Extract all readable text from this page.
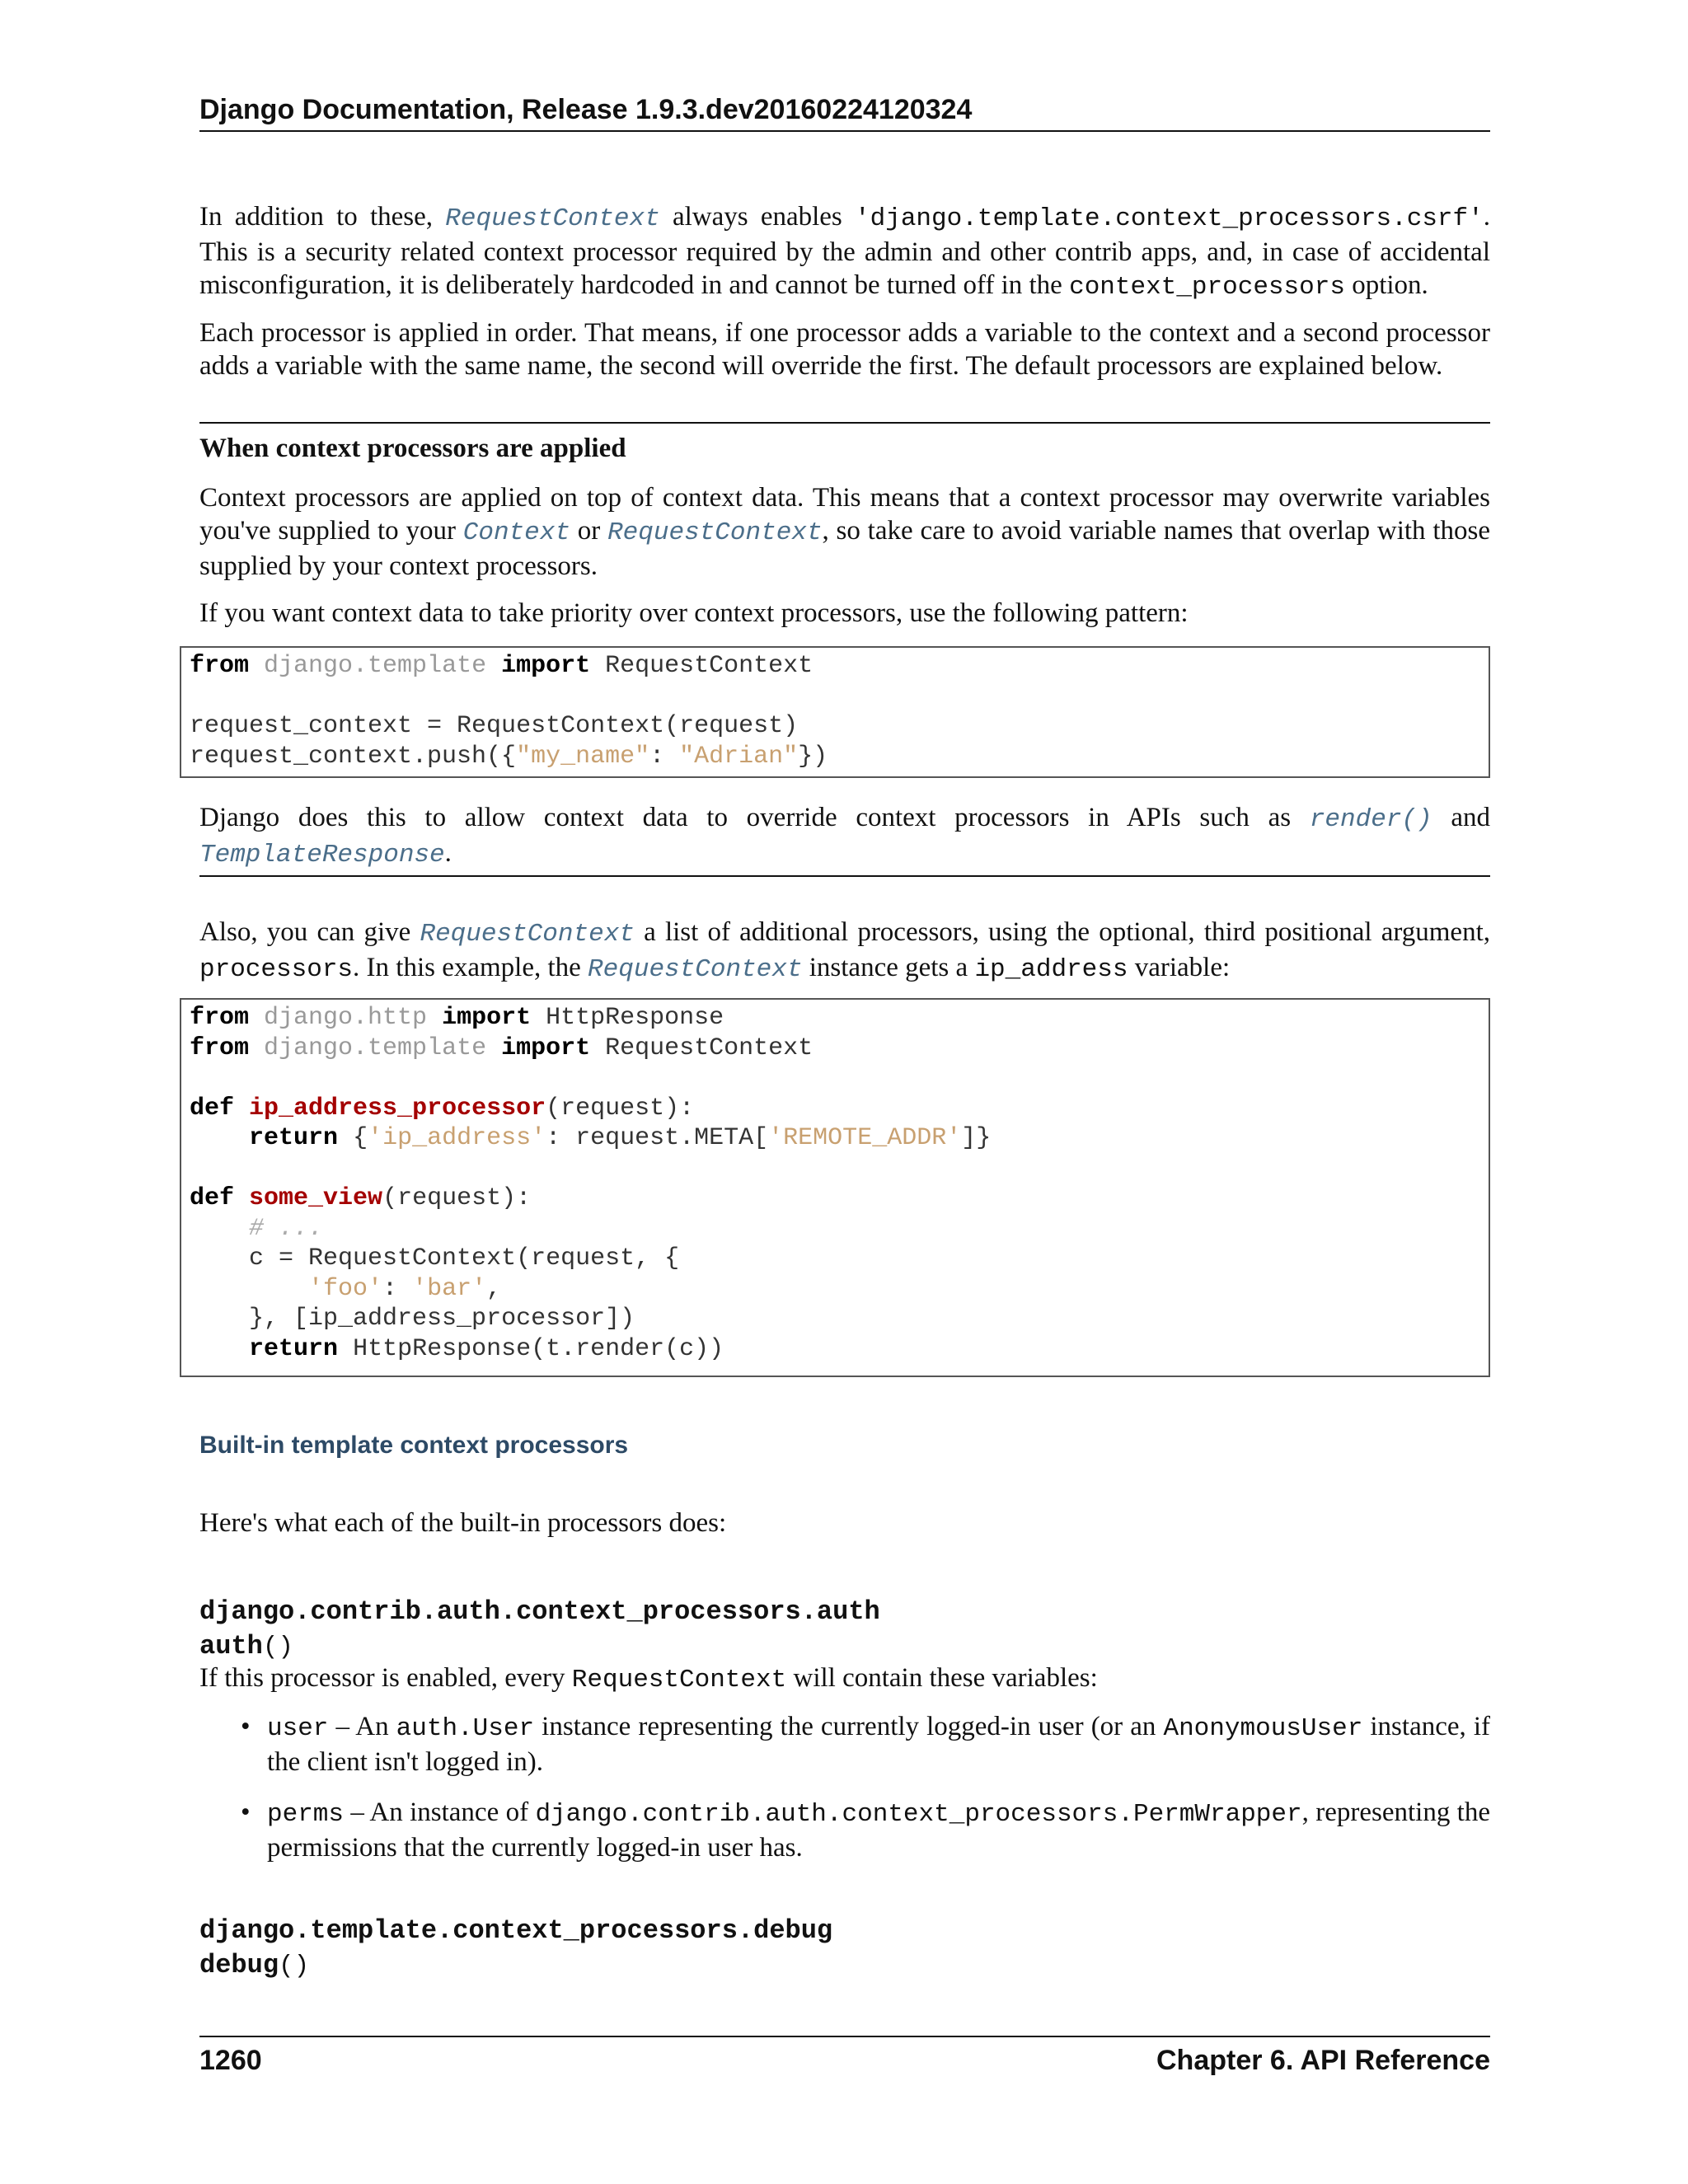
Django Documentation, Release 1.9.3.dev20160224120324

In addition to these, RequestContext always enables 'django.template.context_processors.csrf'. This is a security related context processor required by the admin and other contrib apps, and, in case of accidental misconfiguration, it is deliberately hardcoded in and cannot be turned off in the context_processors option.

Each processor is applied in order. That means, if one processor adds a variable to the context and a second processor adds a variable with the same name, the second will override the first. The default processors are explained below.

When context processors are applied

Context processors are applied on top of context data. This means that a context processor may overwrite variables you've supplied to your Context or RequestContext, so take care to avoid variable names that overlap with those supplied by your context processors.

If you want context data to take priority over context processors, use the following pattern:

from django.template import RequestContext

request_context = RequestContext(request)
request_context.push({"my_name": "Adrian"})

Django does this to allow context data to override context processors in APIs such as render() and TemplateResponse.

Also, you can give RequestContext a list of additional processors, using the optional, third positional argument, processors. In this example, the RequestContext instance gets a ip_address variable:

from django.http import HttpResponse
from django.template import RequestContext

def ip_address_processor(request):
return {'ip_address': request.META['REMOTE_ADDR']}

def some_view(request):
# ...
c = RequestContext(request, {
'foo': 'bar',
}, [ip_address_processor])
return HttpResponse(t.render(c))
Built-in template context processors

Here's what each of the built-in processors does:

django.contrib.auth.context_processors.auth
auth()

If this processor is enabled, every RequestContext will contain these variables:

• user – An auth.User instance representing the currently logged-in user (or an AnonymousUser instance, if the client isn't logged in).
• perms – An instance of django.contrib.auth.context_processors.PermWrapper, representing the permissions that the currently logged-in user has.
django.template.context_processors.debug
debug()
1260	Chapter 6. API Reference
